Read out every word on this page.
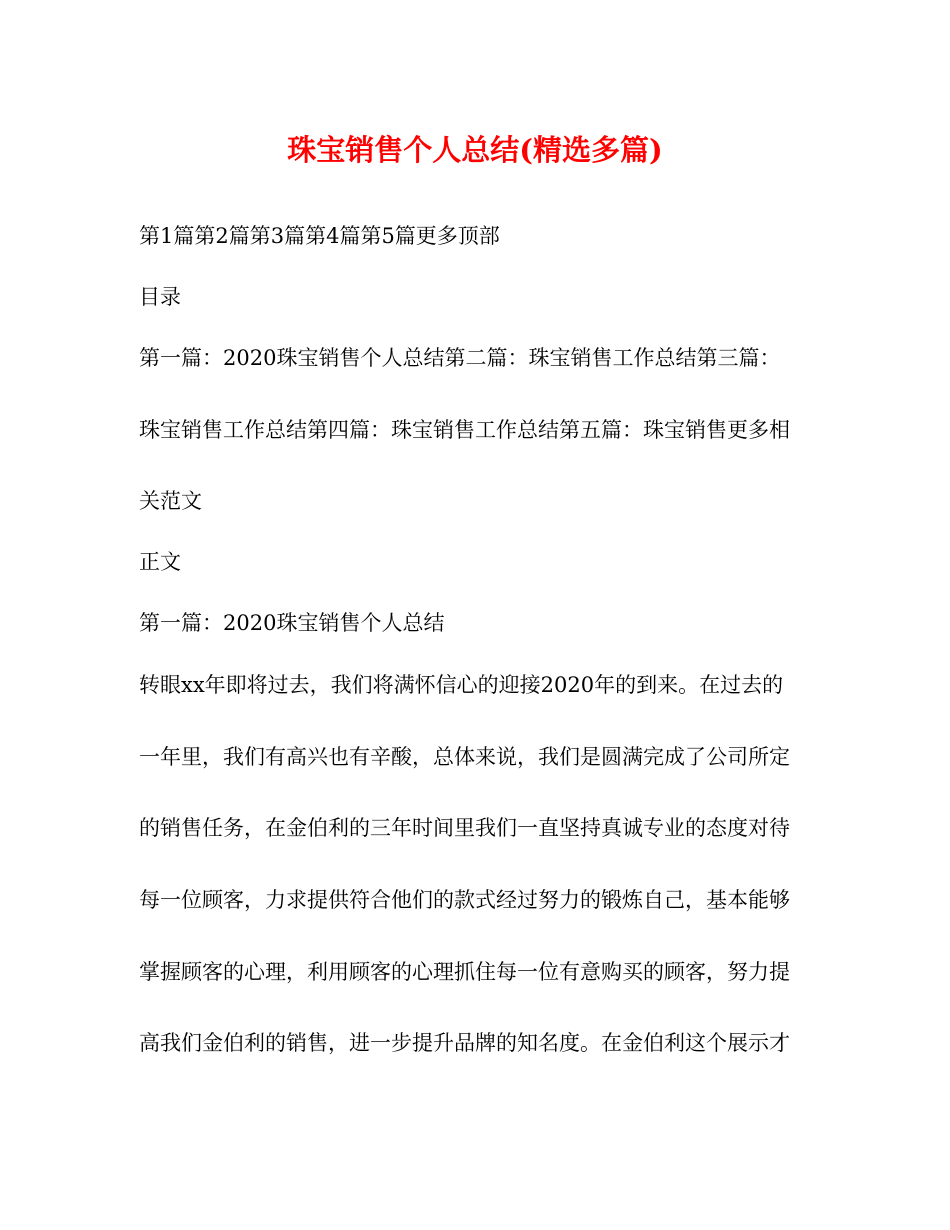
珠宝销售个人总结(精选多篇)
第1篇第2篇第3篇第4篇第5篇更多顶部
目录
第一篇：2020珠宝销售个人总结第二篇：珠宝销售工作总结第三篇：
珠宝销售工作总结第四篇：珠宝销售工作总结第五篇：珠宝销售更多相
关范文
正文
第一篇：2020珠宝销售个人总结
转眼xx年即将过去，我们将满怀信心的迎接2020年的到来。在过去的
一年里，我们有高兴也有辛酸，总体来说，我们是圆满完成了公司所定
的销售任务，在金伯利的三年时间里我们一直坚持真诚专业的态度对待
每一位顾客，力求提供符合他们的款式经过努力的锻炼自己，基本能够
掌握顾客的心理，利用顾客的心理抓住每一位有意购买的顾客，努力提
高我们金伯利的销售，进一步提升品牌的知名度。在金伯利这个展示才
